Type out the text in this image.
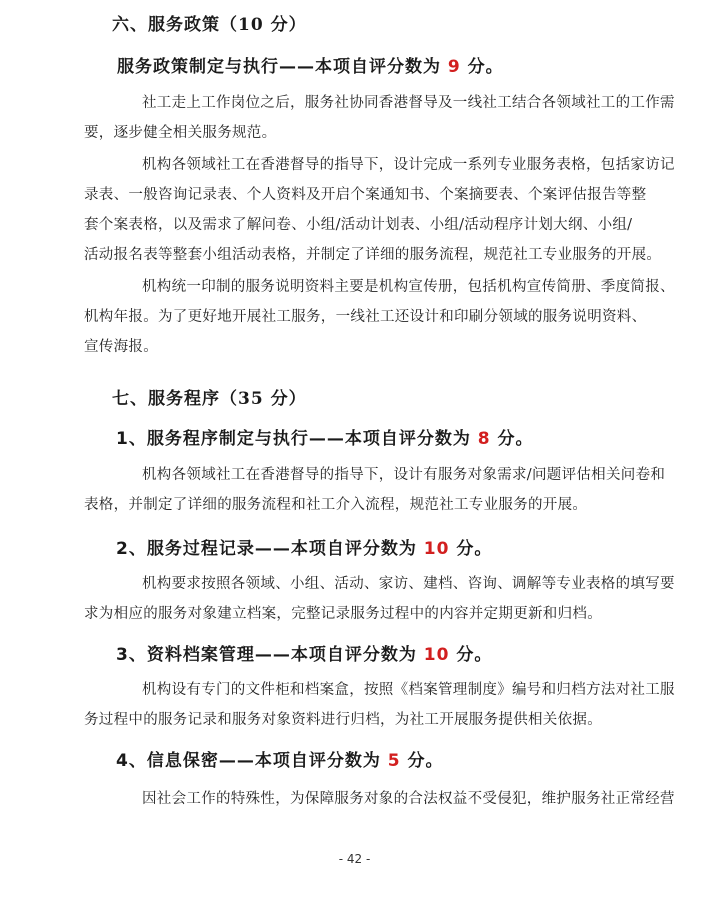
六、服务政策（10 分）
服务政策制定与执行——本项自评分数为 9 分。
社工走上工作岗位之后，服务社协同香港督导及一线社工结合各领域社工的工作需
要，逐步健全相关服务规范。
机构各领域社工在香港督导的指导下，设计完成一系列专业服务表格，包括家访记
录表、一般咨询记录表、个人资料及开启个案通知书、个案摘要表、个案评估报告等整
套个案表格，以及需求了解问卷、小组/活动计划表、小组/活动程序计划大纲、小组/
活动报名表等整套小组活动表格，并制定了详细的服务流程，规范社工专业服务的开展。
机构统一印制的服务说明资料主要是机构宣传册，包括机构宣传简册、季度简报、
机构年报。为了更好地开展社工服务，一线社工还设计和印刷分领域的服务说明资料、
宣传海报。
七、服务程序（35 分）
1、服务程序制定与执行——本项自评分数为 8 分。
机构各领域社工在香港督导的指导下，设计有服务对象需求/问题评估相关问卷和
表格，并制定了详细的服务流程和社工介入流程，规范社工专业服务的开展。
2、服务过程记录——本项自评分数为 10 分。
机构要求按照各领域、小组、活动、家访、建档、咨询、调解等专业表格的填写要
求为相应的服务对象建立档案，完整记录服务过程中的内容并定期更新和归档。
3、资料档案管理——本项自评分数为 10 分。
机构设有专门的文件柜和档案盒，按照《档案管理制度》编号和归档方法对社工服
务过程中的服务记录和服务对象资料进行归档，为社工开展服务提供相关依据。
4、信息保密——本项自评分数为 5 分。
因社会工作的特殊性，为保障服务对象的合法权益不受侵犯，维护服务社正常经营
- 42 -
